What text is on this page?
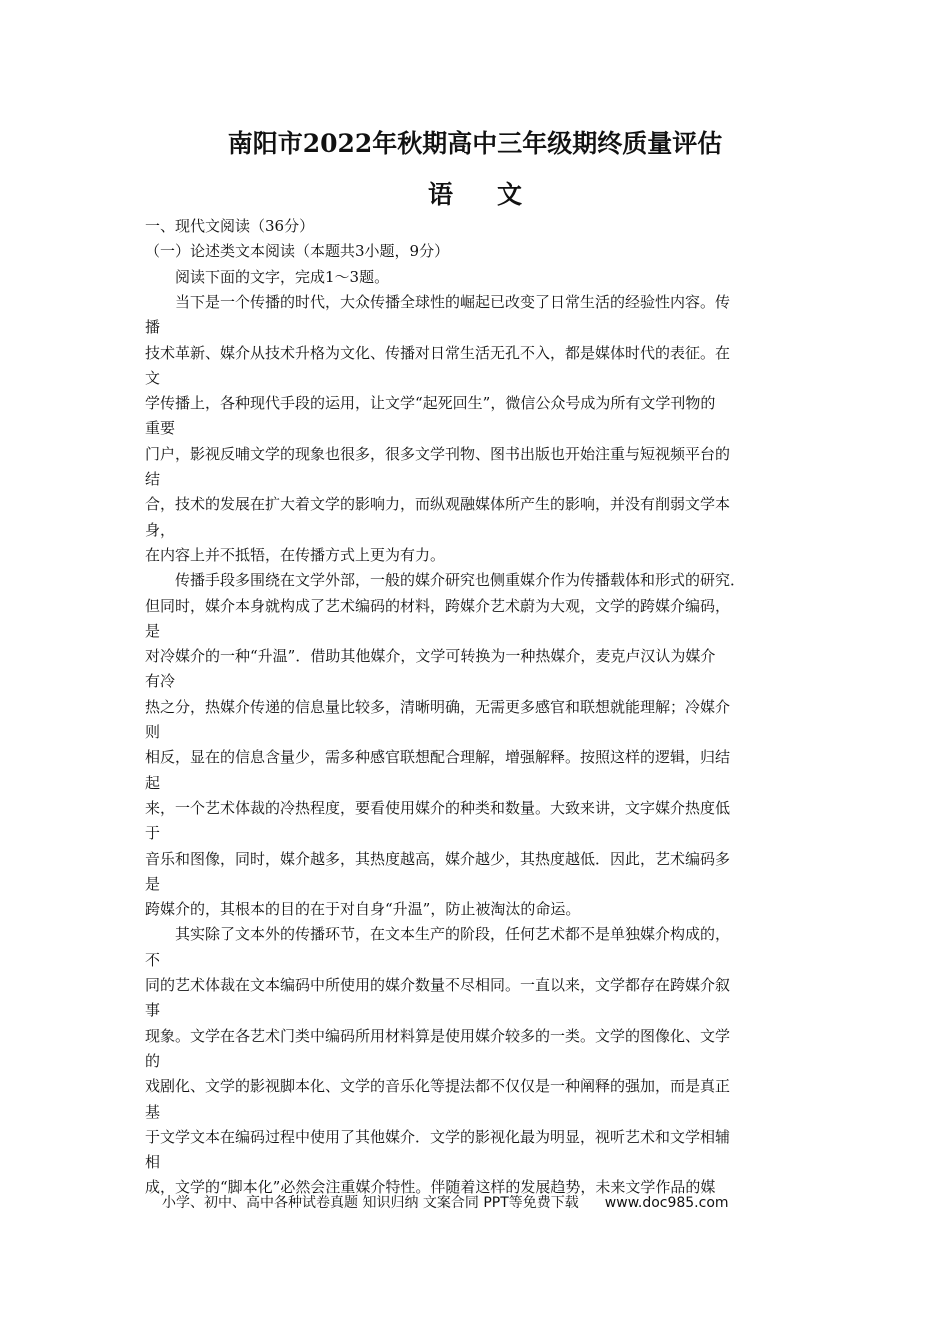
南阳市2022年秋期高中三年级期终质量评估
语 文
一、现代文阅读（36分）
（一）论述类文本阅读（本题共3小题，9分）
　　阅读下面的文字，完成1～3题。
　　当下是一个传播的时代，大众传播全球性的崛起已改变了日常生活的经验性内容。传
播
技术革新、媒介从技术升格为文化、传播对日常生活无孔不入，都是媒体时代的表征。在
文
学传播上，各种现代手段的运用，让文学“起死回生”，微信公众号成为所有文学刊物的
重要
门户，影视反哺文学的现象也很多，很多文学刊物、图书出版也开始注重与短视频平台的
结
合，技术的发展在扩大着文学的影响力，而纵观融媒体所产生的影响，并没有削弱文学本
身，
在内容上并不抵牾，在传播方式上更为有力。
　　传播手段多围绕在文学外部，一般的媒介研究也侧重媒介作为传播载体和形式的研究．
但同时，媒介本身就构成了艺术编码的材料，跨媒介艺术蔚为大观，文学的跨媒介编码，
是
对冷媒介的一种“升温”．借助其他媒介，文学可转换为一种热媒介，麦克卢汉认为媒介
有冷
热之分，热媒介传递的信息量比较多，清晰明确，无需更多感官和联想就能理解；冷媒介
则
相反，显在的信息含量少，需多种感官联想配合理解，增强解释。按照这样的逻辑，归结
起
来，一个艺术体裁的冷热程度，要看使用媒介的种类和数量。大致来讲，文字媒介热度低
于
音乐和图像，同时，媒介越多，其热度越高，媒介越少，其热度越低．因此，艺术编码多
是
跨媒介的，其根本的目的在于对自身“升温”，防止被淘汰的命运。
　　其实除了文本外的传播环节，在文本生产的阶段，任何艺术都不是单独媒介构成的，
不
同的艺术体裁在文本编码中所使用的媒介数量不尽相同。一直以来，文学都存在跨媒介叙
事
现象。文学在各艺术门类中编码所用材料算是使用媒介较多的一类。文学的图像化、文学
的
戏剧化、文学的影视脚本化、文学的音乐化等提法都不仅仅是一种阐释的强加，而是真正
基
于文学文本在编码过程中使用了其他媒介．文学的影视化最为明显，视听艺术和文学相辅
相
成，文学的“脚本化”必然会注重媒介特性。伴随着这样的发展趋势，未来文学作品的媒
小学、初中、高中各种试卷真题 知识归纳 文案合同 PPT等免费下载 www.doc985.com
